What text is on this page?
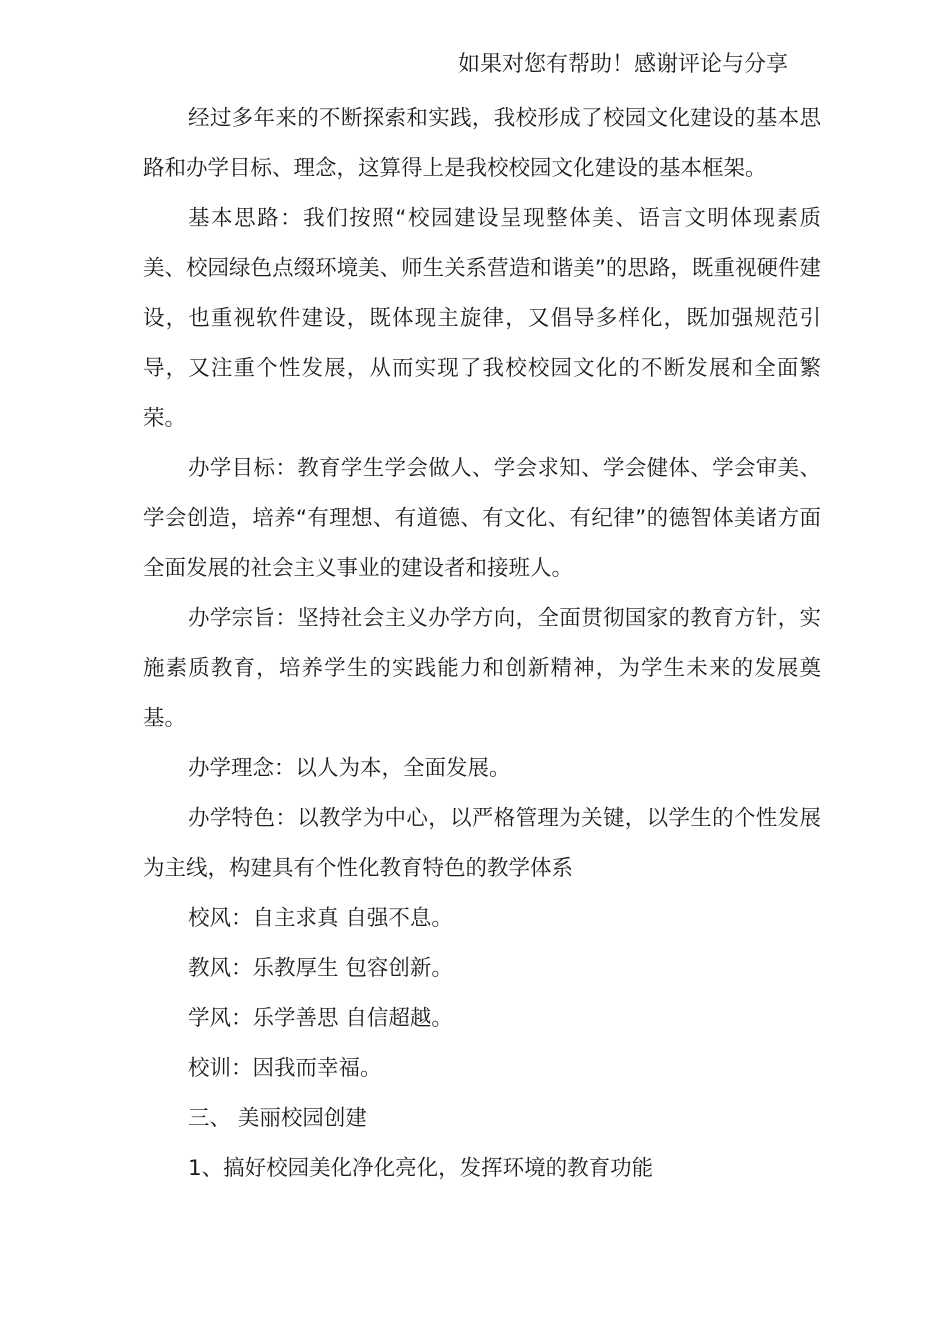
如果对您有帮助！感谢评论与分享

经过多年来的不断探索和实践，我校形成了校园文化建设的基本思路和办学目标、理念，这算得上是我校校园文化建设的基本框架。

基本思路：我们按照“校园建设呈现整体美、语言文明体现素质美、校园绿色点缀环境美、师生关系营造和谐美”的思路，既重视硬件建设，也重视软件建设，既体现主旋律，又倡导多样化，既加强规范引导，又注重个性发展，从而实现了我校校园文化的不断发展和全面繁荣。

办学目标：教育学生学会做人、学会求知、学会健体、学会审美、学会创造，培养“有理想、有道德、有文化、有纪律”的德智体美诸方面全面发展的社会主义事业的建设者和接班人。

办学宗旨：坚持社会主义办学方向，全面贯彻国家的教育方针，实施素质教育，培养学生的实践能力和创新精神，为学生未来的发展奠基。

办学理念：以人为本，全面发展。

办学特色：以教学为中心，以严格管理为关键，以学生的个性发展为主线，构建具有个性化教育特色的教学体系

校风：自主求真 自强不息。

教风：乐教厚生 包容创新。

学风：乐学善思 自信超越。

校训：因我而幸福。

三、 美丽校园创建

1、搞好校园美化净化亮化，发挥环境的教育功能
